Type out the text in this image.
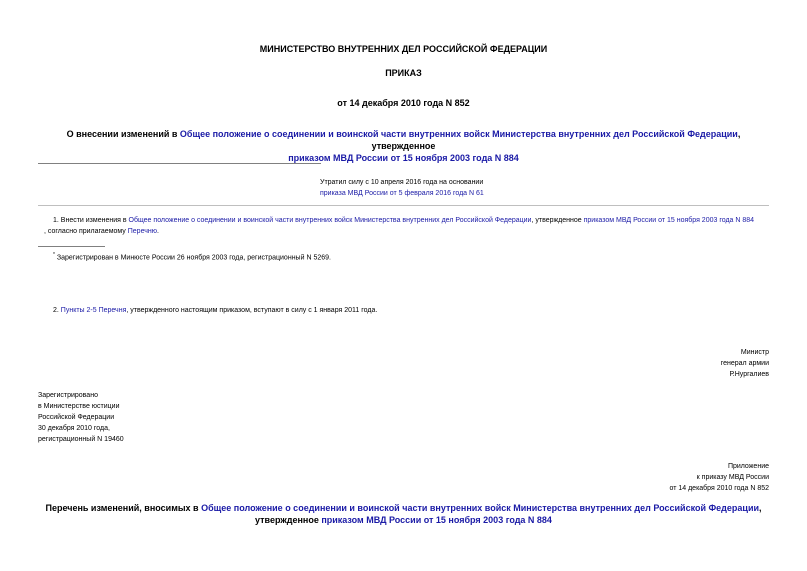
МИНИСТЕРСТВО ВНУТРЕННИХ ДЕЛ РОССИЙСКОЙ ФЕДЕРАЦИИ
ПРИКАЗ
от 14 декабря 2010 года N 852
О внесении изменений в Общее положение о соединении и воинской части внутренних войск Министерства внутренних дел Российской Федерации, утвержденное
приказом МВД России от 15 ноября 2003 года N 884
Утратил силу с 10 апреля 2016 года на основании
приказа МВД России от 5 февраля 2016 года N 61
1. Внести изменения в Общее положение о соединении и воинской части внутренних войск Министерства внутренних дел Российской Федерации, утвержденное приказом МВД России от 15 ноября 2003 года N 884
, согласно прилагаемому Перечню.
* Зарегистрирован в Минюсте России 26 ноября 2003 года, регистрационный N 5269.
2. Пункты 2-5 Перечня, утвержденного настоящим приказом, вступают в силу с 1 января 2011 года.
Министр
генерал армии
Р.Нургалиев
Зарегистрировано
в Министерстве юстиции
Российской Федерации
30 декабря 2010 года,
регистрационный N 19460
Приложение
к приказу МВД России
от 14 декабря 2010 года N 852
Перечень изменений, вносимых в Общее положение о соединении и воинской части внутренних войск Министерства внутренних дел Российской Федерации,
утвержденное приказом МВД России от 15 ноября 2003 года N 884
